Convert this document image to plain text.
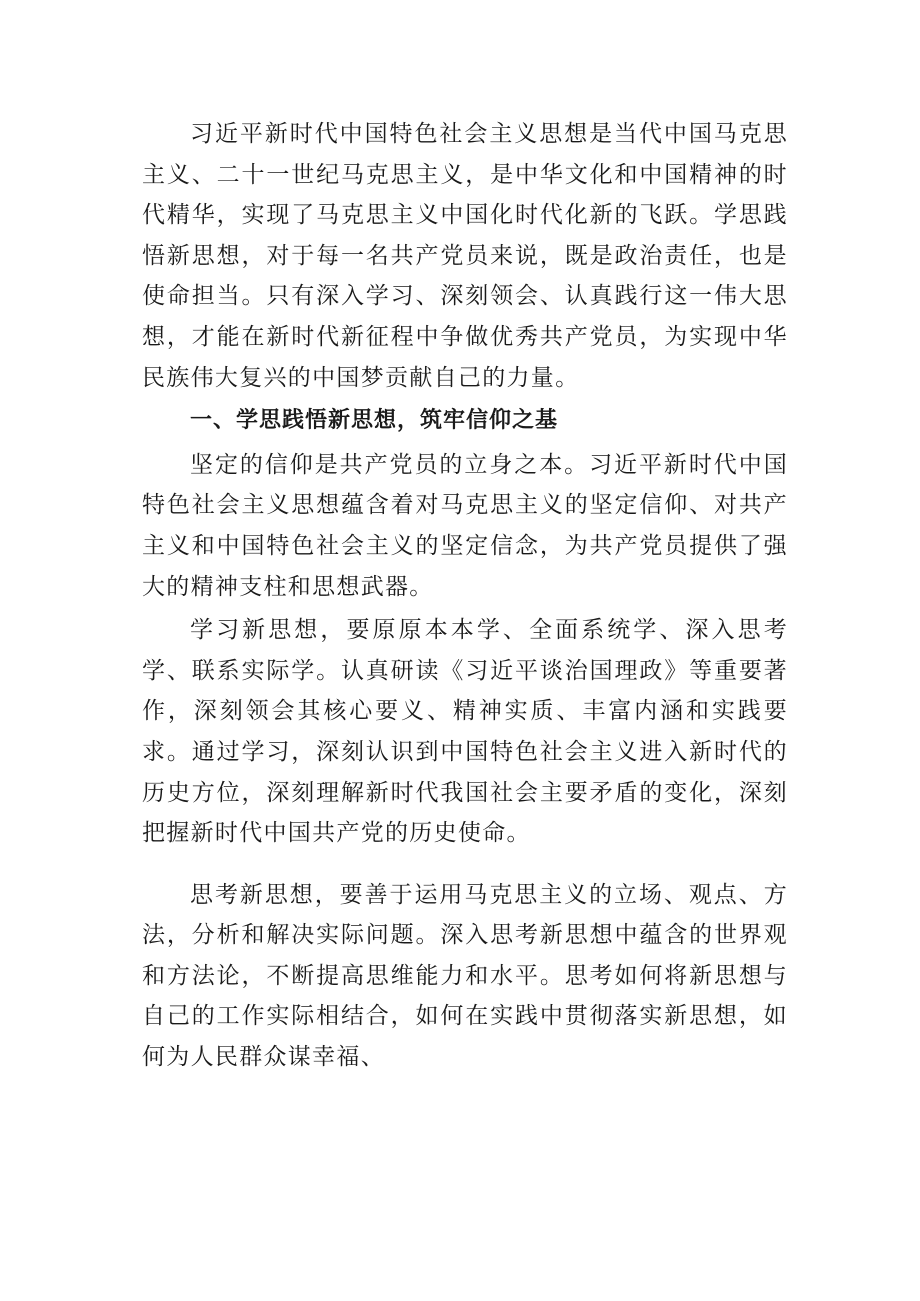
习近平新时代中国特色社会主义思想是当代中国马克思主义、二十一世纪马克思主义，是中华文化和中国精神的时代精华，实现了马克思主义中国化时代化新的飞跃。学思践悟新思想，对于每一名共产党员来说，既是政治责任，也是使命担当。只有深入学习、深刻领会、认真践行这一伟大思想，才能在新时代新征程中争做优秀共产党员，为实现中华民族伟大复兴的中国梦贡献自己的力量。

一、学思践悟新思想，筑牢信仰之基

坚定的信仰是共产党员的立身之本。习近平新时代中国特色社会主义思想蕴含着对马克思主义的坚定信仰、对共产主义和中国特色社会主义的坚定信念，为共产党员提供了强大的精神支柱和思想武器。

学习新思想，要原原本本学、全面系统学、深入思考学、联系实际学。认真研读《习近平谈治国理政》等重要著作，深刻领会其核心要义、精神实质、丰富内涵和实践要求。通过学习，深刻认识到中国特色社会主义进入新时代的历史方位，深刻理解新时代我国社会主要矛盾的变化，深刻把握新时代中国共产党的历史使命。

思考新思想，要善于运用马克思主义的立场、观点、方法，分析和解决实际问题。深入思考新思想中蕴含的世界观和方法论，不断提高思维能力和水平。思考如何将新思想与自己的工作实际相结合，如何在实践中贯彻落实新思想，如何为人民群众谋幸福、
